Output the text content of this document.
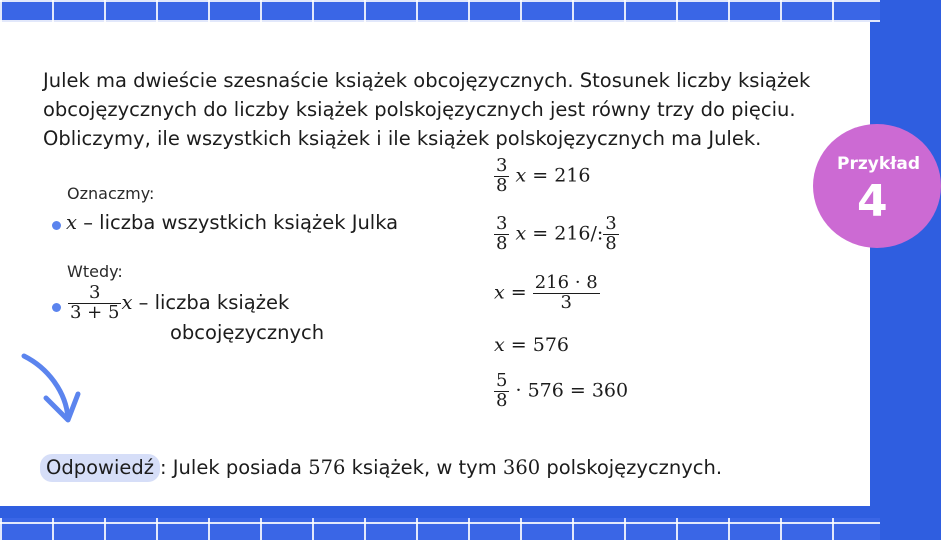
Julek ma dwieście szesnaście książek obcojęzycznych. Stosunek liczby książek
obcojęzycznych do liczby książek polskojęzycznych jest równy trzy do pięciu.
Obliczymy, ile wszystkich książek i ile książek polskojęzycznych ma Julek.

Przykład
4
Oznaczmy:
x – liczba wszystkich książek Julka
Wtedy:
$\frac{3}{3 + 5}$ x – liczba książek
obcojęzycznych
$\frac{3}{8}$ x = 216
$\frac{3}{8}$ x = 216/: $\frac{3}{8}$
$x = \frac{216 \cdot 8}{3}$
x = 576
$\frac{5}{8} \cdot 576 = 360$
Odpowiedź : Julek posiada 576 książek, w tym 360 polskojęzycznych.
